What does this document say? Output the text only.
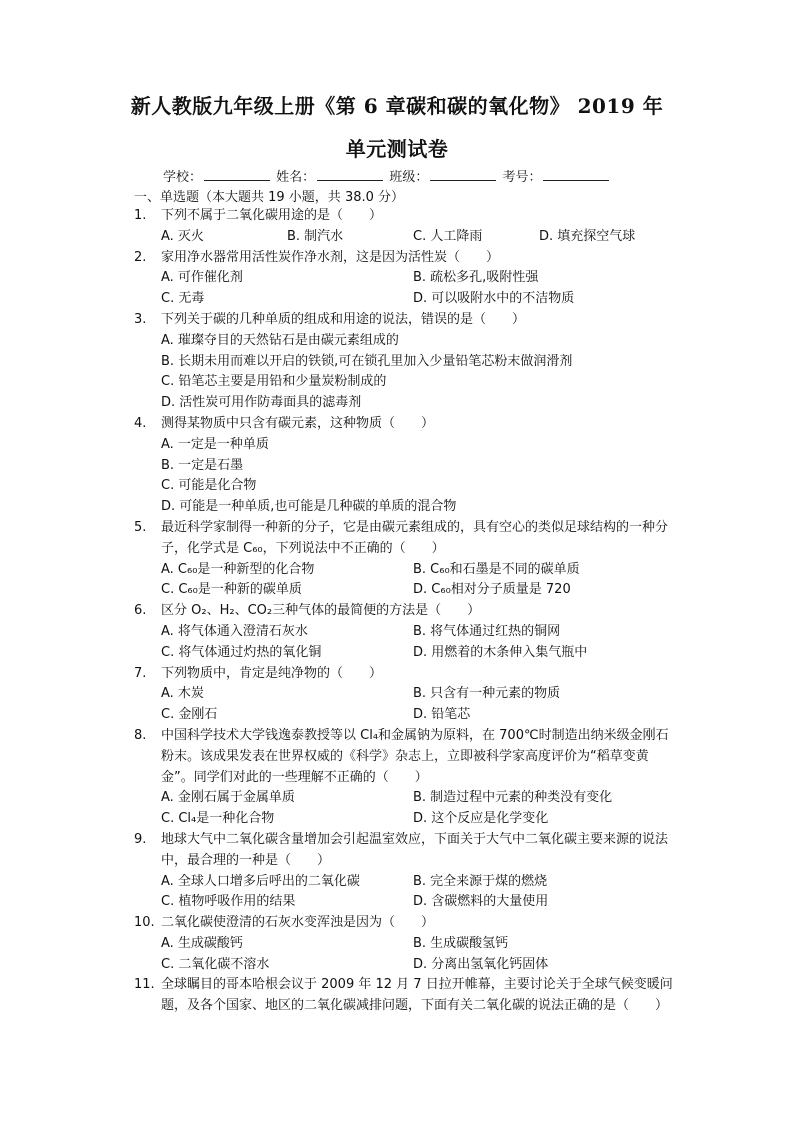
新人教版九年级上册《第 6 章碳和碳的氧化物》 2019 年
单元测试卷
学校：	姓名：	班级：	考号：
一、单选题（本大题共 19 小题，共 38.0 分）
1.	下列不属于二氧化碳用途的是（　　）
A. 灭火	B. 制汽水	C. 人工降雨	D. 填充探空气球
2.	家用净水器常用活性炭作净水剂，这是因为活性炭（　　）
A. 可作催化剂	B. 疏松多孔,吸附性强
C. 无毒	D. 可以吸附水中的不洁物质
3.	下列关于碳的几种单质的组成和用途的说法，错误的是（　　）
A. 璀璨夺目的天然钻石是由碳元素组成的
B. 长期未用而难以开启的铁锁,可在锁孔里加入少量铅笔芯粉末做润滑剂
C. 铅笔芯主要是用铅和少量炭粉制成的
D. 活性炭可用作防毒面具的滤毒剂
4.	测得某物质中只含有碳元素，这种物质（　　）
A. 一定是一种单质
B. 一定是石墨
C. 可能是化合物
D. 可能是一种单质,也可能是几种碳的单质的混合物
5.	最近科学家制得一种新的分子，它是由碳元素组成的，具有空心的类似足球结构的一种分子，化学式是 C₆₀，下列说法中不正确的（　　）
A. C₆₀是一种新型的化合物	B. C₆₀和石墨是不同的碳单质
C. C₆₀是一种新的碳单质	D. C₆₀相对分子质量是 720
6.	区分 O₂、H₂、CO₂三种气体的最简便的方法是（　　）
A. 将气体通入澄清石灰水	B. 将气体通过红热的铜网
C. 将气体通过灼热的氧化铜	D. 用燃着的木条伸入集气瓶中
7.	下列物质中，肯定是纯净物的（　　）
A. 木炭	B. 只含有一种元素的物质
C. 金刚石	D. 铅笔芯
8.	中国科学技术大学钱逸泰教授等以 Cl₄和金属钠为原料，在 700℃时制造出纳米级金刚石粉末。该成果发表在世界权威的《科学》杂志上，立即被科学家高度评价为“稻草变黄金”。同学们对此的一些理解不正确的（　　）
A. 金刚石属于金属单质	B. 制造过程中元素的种类没有变化
C. Cl₄是一种化合物	D. 这个反应是化学变化
9.	地球大气中二氧化碳含量增加会引起温室效应，下面关于大气中二氧化碳主要来源的说法中，最合理的一种是（　　）
A. 全球人口增多后呼出的二氧化碳	B. 完全来源于煤的燃烧
C. 植物呼吸作用的结果	D. 含碳燃料的大量使用
10. 二氧化碳使澄清的石灰水变浑浊是因为（　　）
A. 生成碳酸钙	B. 生成碳酸氢钙
C. 二氧化碳不溶水	D. 分离出氢氧化钙固体
11. 全球瞩目的哥本哈根会议于 2009 年 12 月 7 日拉开帷幕，主要讨论关于全球气候变暖问题，及各个国家、地区的二氧化碳减排问题，下面有关二氧化碳的说法正确的是（　　）
